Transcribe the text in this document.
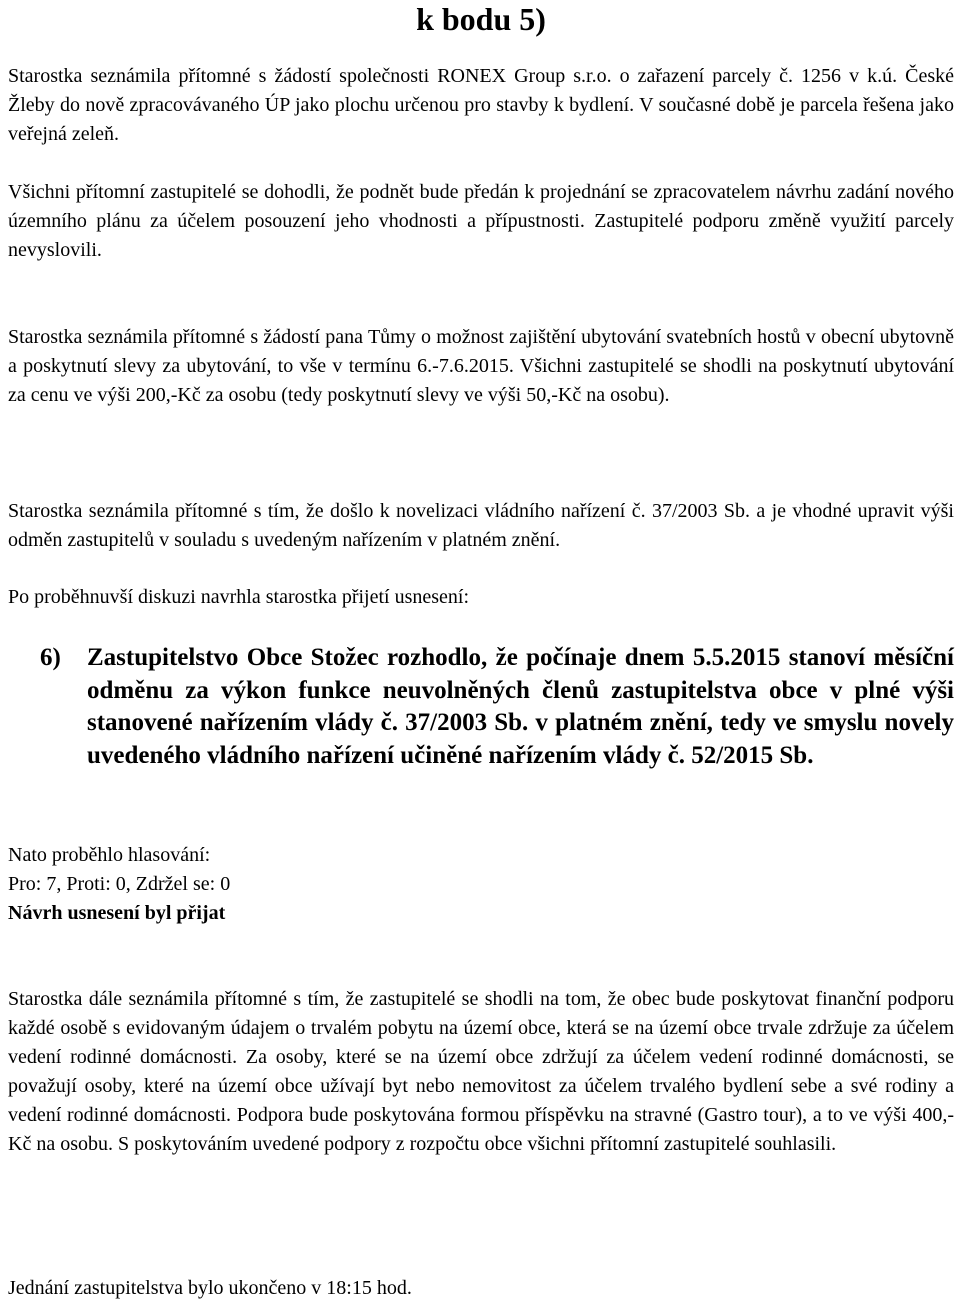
k bodu 5)

Starostka seznámila přítomné s žádostí společnosti RONEX Group s.r.o. o zařazení parcely č. 1256 v k.ú. České Žleby do nově zpracovávaného ÚP jako plochu určenou pro stavby k bydlení. V současné době je parcela řešena jako veřejná zeleň.

Všichni přítomní zastupitelé se dohodli, že podnět bude předán k projednání se zpracovatelem návrhu zadání nového územního plánu za účelem posouzení jeho vhodnosti a přípustnosti. Zastupitelé podporu změně využití parcely nevyslovili.

Starostka seznámila přítomné s žádostí pana Tůmy o možnost zajištění ubytování svatebních hostů v obecní ubytovně a poskytnutí slevy za ubytování, to vše v termínu 6.-7.6.2015. Všichni zastupitelé se shodli na poskytnutí ubytování za cenu ve výši 200,-Kč za osobu (tedy poskytnutí slevy ve výši 50,-Kč na osobu).

Starostka seznámila přítomné s tím, že došlo k novelizaci vládního nařízení č. 37/2003 Sb. a je vhodné upravit výši odměn zastupitelů v souladu s uvedeným nařízením v platném znění.

Po proběhnuvší diskuzi navrhla starostka přijetí usnesení:

6) Zastupitelstvo Obce Stožec rozhodlo, že počínaje dnem 5.5.2015 stanoví měsíční odměnu za výkon funkce neuvolněných členů zastupitelstva obce v plné výši stanovené nařízením vlády č. 37/2003 Sb. v platném znění, tedy ve smyslu novely uvedeného vládního nařízení učiněné nařízením vlády č. 52/2015 Sb.

Nato proběhlo hlasování:
Pro: 7, Proti: 0, Zdržel se: 0
Návrh usnesení byl přijat

Starostka dále seznámila přítomné s tím, že zastupitelé se shodli na tom, že obec bude poskytovat finanční podporu každé osobě s evidovaným údajem o trvalém pobytu na území obce, která se na území obce trvale zdržuje za účelem vedení rodinné domácnosti. Za osoby, které se na území obce zdržují za účelem vedení rodinné domácnosti, se považují osoby, které na území obce užívají byt nebo nemovitost za účelem trvalého bydlení sebe a své rodiny a vedení rodinné domácnosti. Podpora bude poskytována formou příspěvku na stravné (Gastro tour), a to ve výši 400,-Kč na osobu. S poskytováním uvedené podpory z rozpočtu obce všichni přítomní zastupitelé souhlasili.

Jednání zastupitelstva bylo ukončeno v 18:15 hod.
